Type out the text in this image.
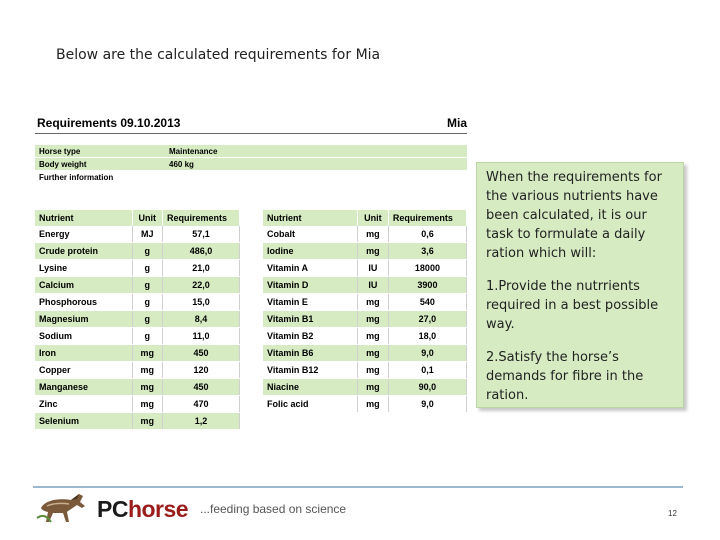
Below are the calculated requirements for Mia
Requirements 09.10.2013	Mia
Horse type	Maintenance
Body weight	460 kg
Further information	
Nutrient	Unit	Requirements
Energy	MJ	57,1
Crude protein	g	486,0
Lysine	g	21,0
Calcium	g	22,0
Phosphorous	g	15,0
Magnesium	g	8,4
Sodium	g	11,0
Iron	mg	450
Copper	mg	120
Manganese	mg	450
Zinc	mg	470
Selenium	mg	1,2
Nutrient	Unit	Requirements
Cobalt	mg	0,6
Iodine	mg	3,6
Vitamin A	IU	18000
Vitamin D	IU	3900
Vitamin E	mg	540
Vitamin B1	mg	27,0
Vitamin B2	mg	18,0
Vitamin B6	mg	9,0
Vitamin B12	mg	0,1
Niacine	mg	90,0
Folic acid	mg	9,0

When the requirements for the various nutrients have been calculated, it is our task to formulate a daily ration which will:

1.Provide the nutrrients required in a best possible way.

2.Satisfy the horse’s demands for fibre in the ration.

PChorse ...feeding based on science	12
